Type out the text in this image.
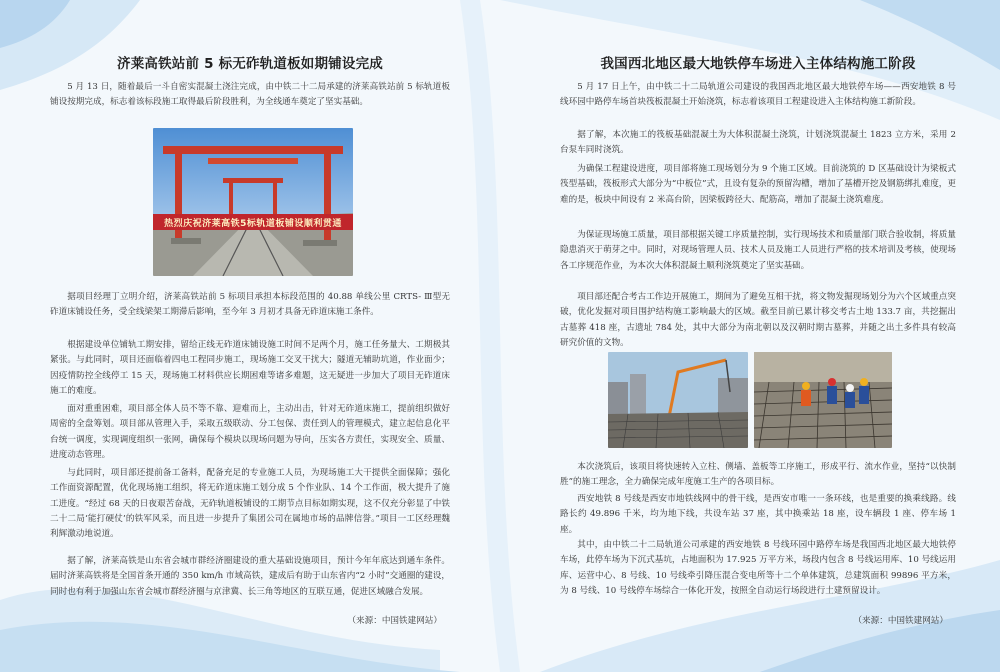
济莱高铁站前 5 标无砟轨道板如期铺设完成

5 月 13 日，随着最后一斗自密实混凝土浇注完成，由中铁二十二局承建的济莱高铁站前 5 标轨道板铺设按期完成，标志着该标段施工取得最后阶段胜利，为全线通车奠定了坚实基础。

热烈庆祝济莱高铁5标轨道板铺设顺利贯通

据项目经理丁立明介绍，济莱高铁站前 5 标项目承担本标段范围的 40.88 单线公里 CRTS- Ⅲ型无砟道床铺设任务，受全线梁架工期滞后影响，至今年 3 月初才具备无砟道床施工条件。

根据建设单位铺轨工期安排，留给正线无砟道床铺设施工时间不足两个月，施工任务量大、工期极其紧张。与此同时，项目还面临着四电工程同步施工，现场施工交叉干扰大；隧道无辅助坑道，作业面少；因疫情防控全线停工 15 天，现场施工材料供应长期困难等诸多难题，这无疑进一步加大了项目无砟道床施工的难度。

面对重重困难，项目部全体人员不等不靠、迎难而上，主动出击，针对无砟道床施工，提前组织做好周密的全盘筹划。项目部从管理入手，采取五级联动、分工包保、责任到人的管理模式，建立起信息化平台统一调度，实现调度组织一张网，确保每个模块以现场问题为导向，压实各方责任，实现安全、质量、进度动态管理。

与此同时，项目部还提前备工备料，配备充足的专业施工人员，为现场施工大干提供全面保障；强化工作面资源配置，优化现场施工组织，将无砟道床施工划分成 5 个作业队、14 个工作面，极大提升了施工进度。“经过 68 天的日夜艰苦奋战，无砟轨道板铺设的工期节点目标如期实现，这不仅充分彰显了中铁二十二局‘能打硬仗’的铁军风采，而且进一步提升了集团公司在属地市场的品牌信誉。”项目一工区经理魏利辉激动地说道。

据了解，济莱高铁是山东省会城市群经济圈建设的重大基础设施项目，预计今年年底达到通车条件。届时济莱高铁将是全国首条开通的 350 km/h 市域高铁，建成后有助于山东省内“2 小时”交通圈的建设，同时也有利于加强山东省会城市群经济圈与京津冀、长三角等地区的互联互通，促进区域融合发展。

（来源：中国铁建网站）

我国西北地区最大地铁停车场进入主体结构施工阶段

5 月 17 日上午，由中铁二十二局轨道公司建设的我国西北地区最大地铁停车场——西安地铁 8 号线环园中路停车场首块筏板混凝土开始浇筑，标志着该项目工程建设进入主体结构施工新阶段。

据了解，本次施工的筏板基础混凝土为大体积混凝土浇筑，计划浇筑混凝土 1823 立方米，采用 2 台泵车同时浇筑。

为确保工程建设进度，项目部将施工现场划分为 9 个施工区域。目前浇筑的 D 区基础设计为梁板式筏型基础，筏板形式大部分为“中板位”式，且设有复杂的预留沟槽，增加了基槽开挖及钢筋绑扎难度，更难的是，板块中间设有 2 米高台阶，因梁板跨径大、配筋高，增加了混凝土浇筑难度。

为保证现场施工质量，项目部根据关键工序质量控制，实行现场技术和质量部门联合验收制，将质量隐患消灭于萌芽之中。同时，对现场管理人员、技术人员及施工人员进行严格的技术培训及考核，使现场各工序规范作业，为本次大体积混凝土顺利浇筑奠定了坚实基础。

项目部还配合考古工作边开展施工，期间为了避免互相干扰，将文物发掘现场划分为六个区域重点突破，优化发掘对项目围护结构施工影响最大的区域。截至目前已累计移交考古土地 133.7 亩，共挖掘出古墓葬 418 座，古遗址 784 处，其中大部分为南北朝以及汉朝时期古墓葬，并随之出土多件具有较高研究价值的文物。

本次浇筑后，该项目将快速转入立柱、侧墙、盖板等工序施工，形成平行、流水作业，坚持“以快制胜”的施工理念，全力确保完成年度施工生产的各项目标。

西安地铁 8 号线是西安市地铁线网中的骨干线，是西安市唯一一条环线，也是重要的换乘线路。线路长约 49.896 千米，均为地下线，共设车站 37 座，其中换乘站 18 座，设车辆段 1 座、停车场 1 座。

其中，由中铁二十二局轨道公司承建的西安地铁 8 号线环园中路停车场是我国西北地区最大地铁停车场，此停车场为下沉式基坑，占地面积为 17.925 万平方米，场段内包含 8 号线运用库、10 号线运用库、运营中心、8 号线、10 号线牵引降压混合变电所等十二个单体建筑，总建筑面积 99896 平方米，为 8 号线、10 号线停车场综合一体化开发，按照全自动运行场段进行土建预留设计。

（来源：中国铁建网站）
